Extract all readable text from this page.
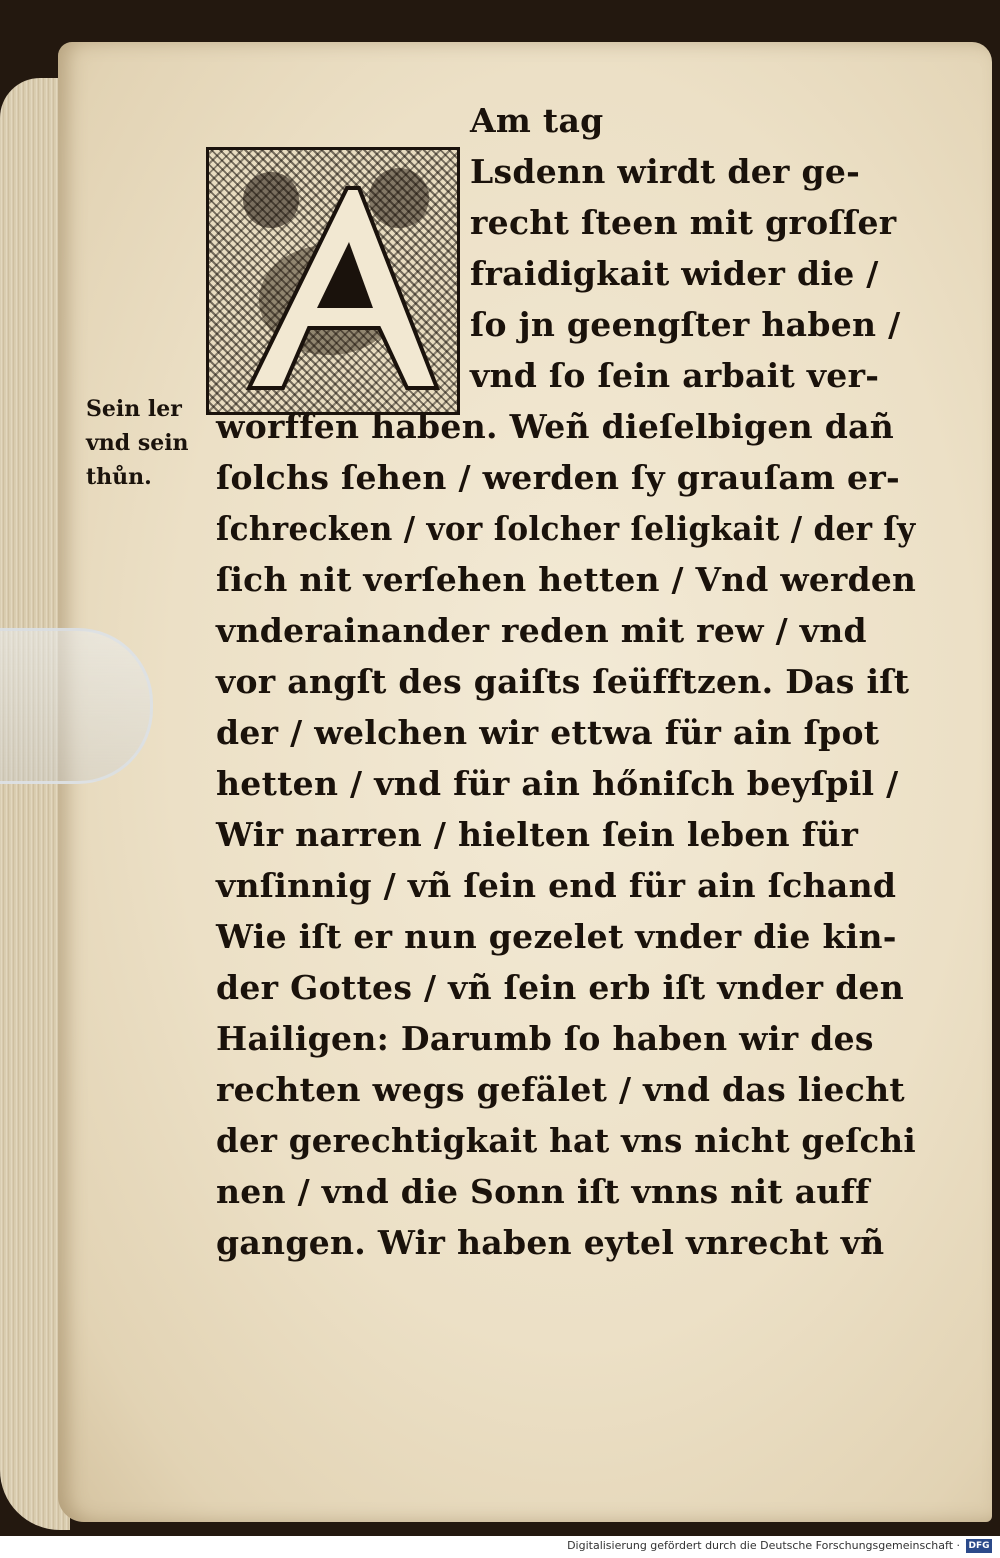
Sein ler
vnd sein
thůn.
Am tag
Lsdenn wirdt der ge-
recht ſteen mit groſſer
fraidigkait wider die /
ſo jn geengſter haben /
vnd ſo ſein arbait ver-
worffen haben. Weñ dieſelbigen dañ
ſolchs ſehen / werden ſy grauſam er-
ſchrecken / vor ſolcher ſeligkait / der ſy
ſich nit verſehen hetten / Vnd werden
vnderainander reden mit rew / vnd
vor angſt des gaiſts ſeüfftzen. Das iſt
der / welchen wir ettwa für ain ſpot
hetten / vnd für ain hőniſch beyſpil /
Wir narren / hielten ſein leben für
vnſinnig / vñ ſein end für ain ſchand
Wie iſt er nun gezelet vnder die kin-
der Gottes / vñ ſein erb iſt vnder den
Hailigen: Darumb ſo haben wir des
rechten wegs gefälet / vnd das liecht
der gerechtigkait hat vns nicht geſchi
nen / vnd die Sonn iſt vnns nit auff
gangen. Wir haben eytel vnrecht vñ
Digitalisierung gefördert durch die Deutsche Forschungsgemeinschaft · DFG
